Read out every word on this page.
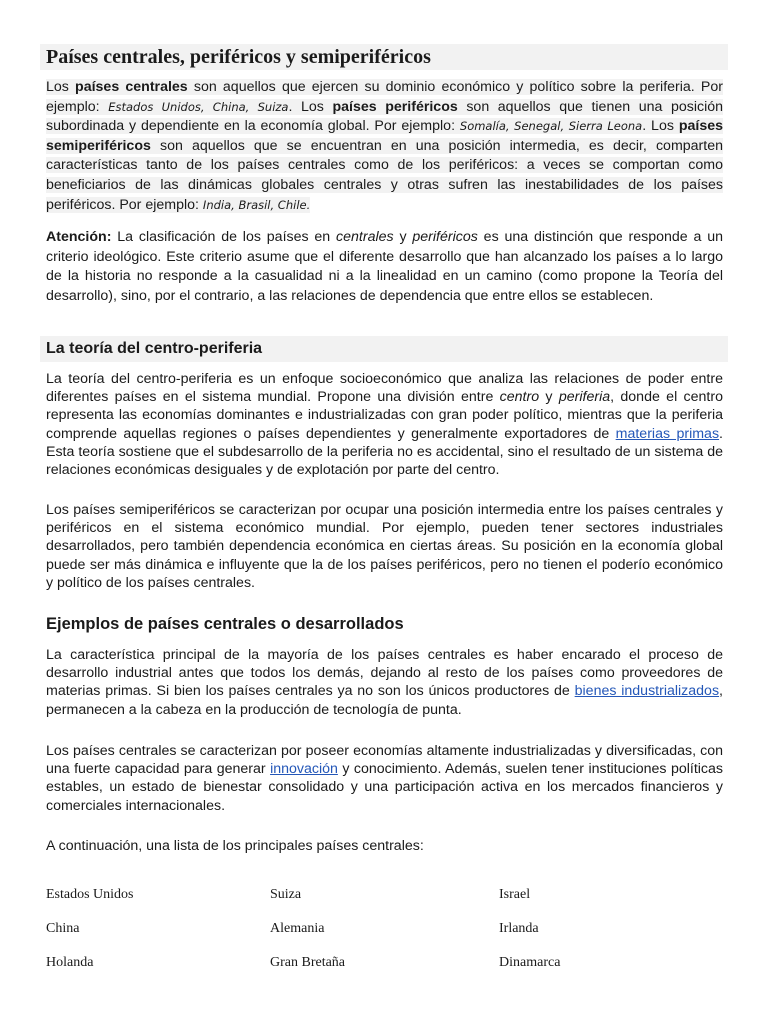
Países centrales, periféricos y semiperiféricos

Los países centrales son aquellos que ejercen su dominio económico y político sobre la periferia. Por ejemplo: Estados Unidos, China, Suiza. Los países periféricos son aquellos que tienen una posición subordinada y dependiente en la economía global. Por ejemplo: Somalía, Senegal, Sierra Leona. Los países semiperiféricos son aquellos que se encuentran en una posición intermedia, es decir, comparten características tanto de los países centrales como de los periféricos: a veces se comportan como beneficiarios de las dinámicas globales centrales y otras sufren las inestabilidades de los países periféricos. Por ejemplo: India, Brasil, Chile.

Atención: La clasificación de los países en centrales y periféricos es una distinción que responde a un criterio ideológico. Este criterio asume que el diferente desarrollo que han alcanzado los países a lo largo de la historia no responde a la casualidad ni a la linealidad en un camino (como propone la Teoría del desarrollo), sino, por el contrario, a las relaciones de dependencia que entre ellos se establecen.

La teoría del centro-periferia

La teoría del centro-periferia es un enfoque socioeconómico que analiza las relaciones de poder entre diferentes países en el sistema mundial. Propone una división entre centro y periferia, donde el centro representa las economías dominantes e industrializadas con gran poder político, mientras que la periferia comprende aquellas regiones o países dependientes y generalmente exportadores de materias primas. Esta teoría sostiene que el subdesarrollo de la periferia no es accidental, sino el resultado de un sistema de relaciones económicas desiguales y de explotación por parte del centro.

Los países semiperiféricos se caracterizan por ocupar una posición intermedia entre los países centrales y periféricos en el sistema económico mundial. Por ejemplo, pueden tener sectores industriales desarrollados, pero también dependencia económica en ciertas áreas. Su posición en la economía global puede ser más dinámica e influyente que la de los países periféricos, pero no tienen el poderío económico y político de los países centrales.

Ejemplos de países centrales o desarrollados

La característica principal de la mayoría de los países centrales es haber encarado el proceso de desarrollo industrial antes que todos los demás, dejando al resto de los países como proveedores de materias primas. Si bien los países centrales ya no son los únicos productores de bienes industrializados, permanecen a la cabeza en la producción de tecnología de punta.

Los países centrales se caracterizan por poseer economías altamente industrializadas y diversificadas, con una fuerte capacidad para generar innovación y conocimiento. Además, suelen tener instituciones políticas estables, un estado de bienestar consolidado y una participación activa en los mercados financieros y comerciales internacionales.

A continuación, una lista de los principales países centrales:

Estados Unidos	Suiza	Israel
China	Alemania	Irlanda
Holanda	Gran Bretaña	Dinamarca
